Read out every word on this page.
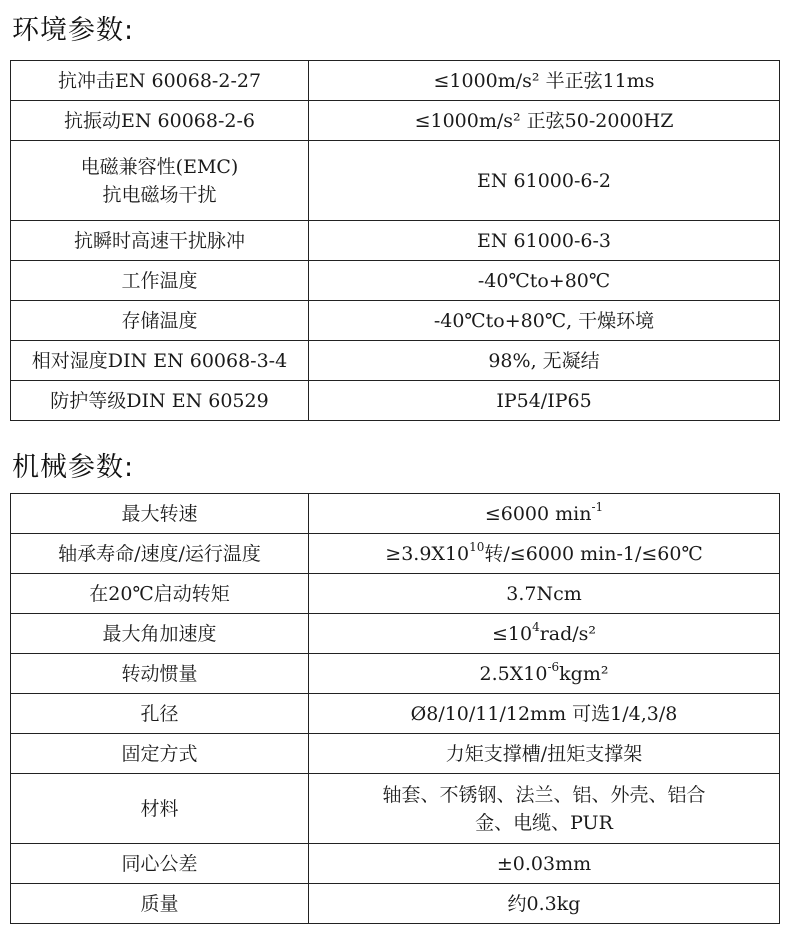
环境参数:
抗冲击EN 60068-2-27	≤1000m/s² 半正弦11ms
抗振动EN 60068-2-6	≤1000m/s² 正弦50-2000HZ

电磁兼容性(EMC)
抗电磁场干扰	EN 61000-6-2
抗瞬时高速干扰脉冲	EN 61000-6-3
工作温度	-40℃to+80℃
存储温度	-40℃to+80℃, 干燥环境
相对湿度DIN EN 60068-3-4	98%, 无凝结
防护等级DIN EN 60529	IP54/IP65
机械参数:
最大转速	≤6000 $\min^{-1}$
轴承寿命/速度/运行温度	$\ge 3.9X10^{10}$转/≤6000 min-1/≤60℃
在20℃启动转矩	3.7Ncm
最大角加速度	$\le 10^4rad/s^2$
转动惯量	$2.5X10^{-6}kgm^2$
孔径	Ø8/10/11/12mm 可选1/4,3/8
固定方式	力矩支撑槽/扭矩支撑架
材料	轴套、不锈钢、法兰、铝、外壳、铝合
金、电缆、PUR

同心公差	±0.03mm
质量	约0.3kg
